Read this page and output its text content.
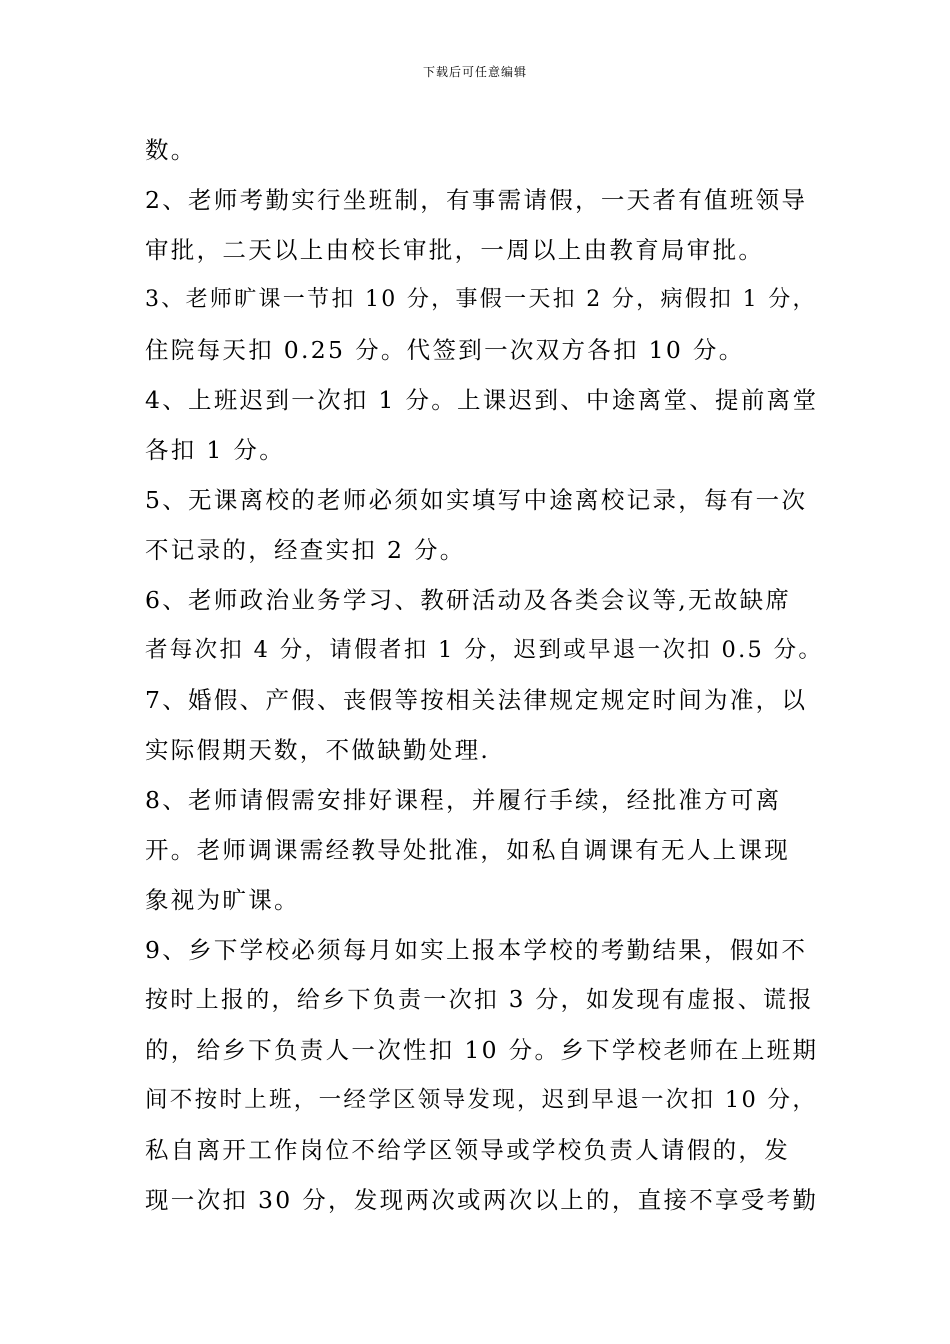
下载后可任意编辑
数。
2、老师考勤实行坐班制，有事需请假，一天者有值班领导
审批，二天以上由校长审批，一周以上由教育局审批。
3、老师旷课一节扣 10 分，事假一天扣 2 分，病假扣 1 分，
住院每天扣 0.25 分。代签到一次双方各扣 10 分。
4、上班迟到一次扣 1 分。上课迟到、中途离堂、提前离堂
各扣 1 分。
5、无课离校的老师必须如实填写中途离校记录，每有一次
不记录的，经查实扣 2 分。
6、老师政治业务学习、教研活动及各类会议等,无故缺席
者每次扣 4 分，请假者扣 1 分，迟到或早退一次扣 0.5 分。
7、婚假、产假、丧假等按相关法律规定规定时间为准，以
实际假期天数，不做缺勤处理.
8、老师请假需安排好课程，并履行手续，经批准方可离
开。老师调课需经教导处批准，如私自调课有无人上课现
象视为旷课。
9、乡下学校必须每月如实上报本学校的考勤结果，假如不
按时上报的，给乡下负责一次扣 3 分，如发现有虚报、谎报
的，给乡下负责人一次性扣 10 分。乡下学校老师在上班期
间不按时上班，一经学区领导发现，迟到早退一次扣 10 分，
私自离开工作岗位不给学区领导或学校负责人请假的，发
现一次扣 30 分，发现两次或两次以上的，直接不享受考勤
